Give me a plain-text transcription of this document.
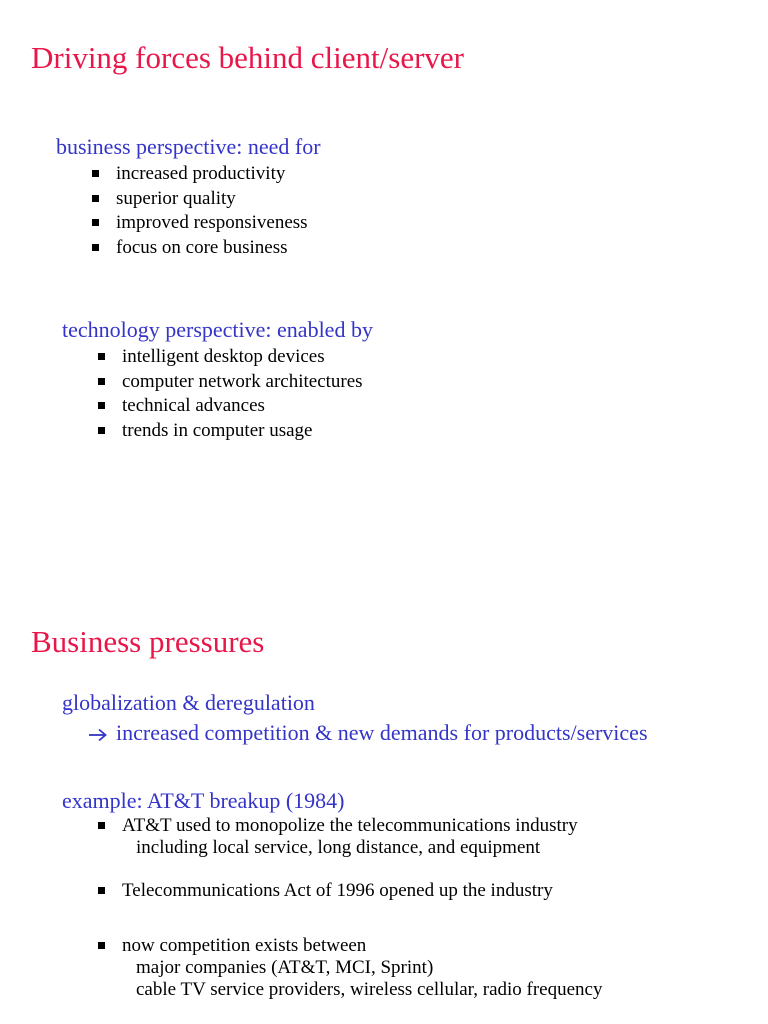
Driving forces behind client/server

business perspective: need for

increased productivity
superior quality
improved responsiveness
focus on core business

technology perspective: enabled by

intelligent desktop devices
computer network architectures
technical advances
trends in computer usage
Business pressures

globalization & deregulation

increased competition & new demands for products/services

example: AT&T breakup (1984)

AT&T used to monopolize the telecommunications industry
including local service, long distance, and equipment
Telecommunications Act of 1996 opened up the industry
now competition exists between
major companies (AT&T, MCI, Sprint)
cable TV service providers, wireless cellular, radio frequency
